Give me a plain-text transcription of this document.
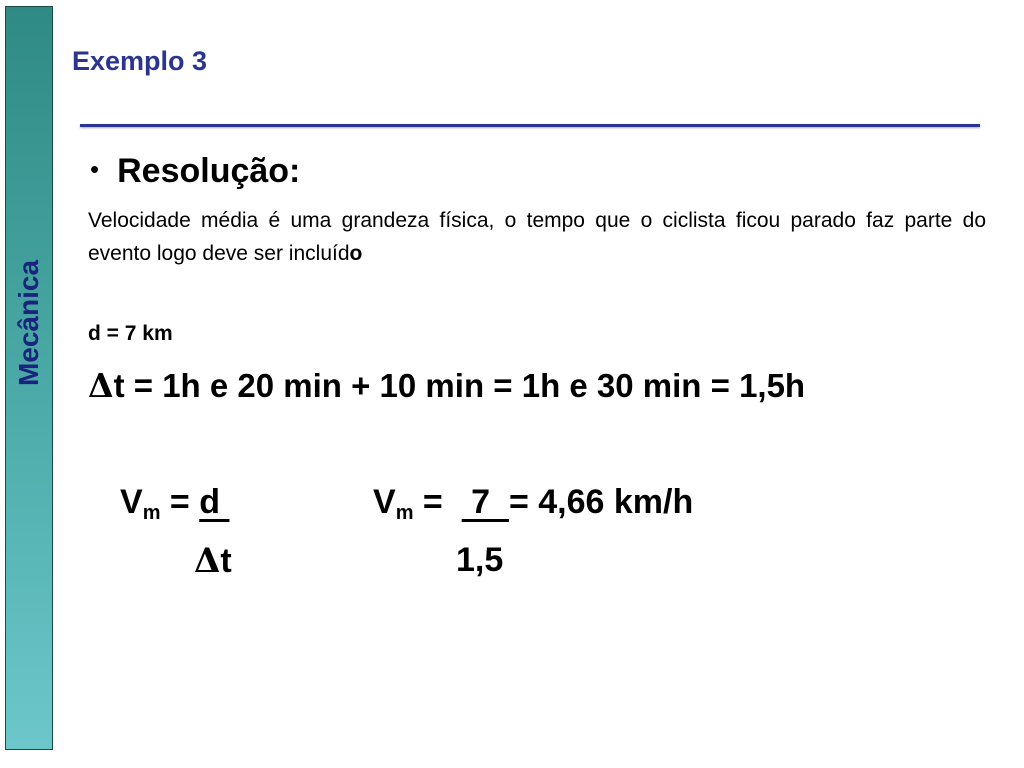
Mecânica
Exemplo 3
• Resolução:
Velocidade média é uma grandeza física, o tempo que o ciclista ficou parado faz parte do evento logo deve ser incluído
d = 7 km
Δt = 1h e 20 min + 10 min = 1h e 30 min = 1,5h
$V_m = d$
Δt
$V_m = 7 = 4,66$ km/h
1,5
